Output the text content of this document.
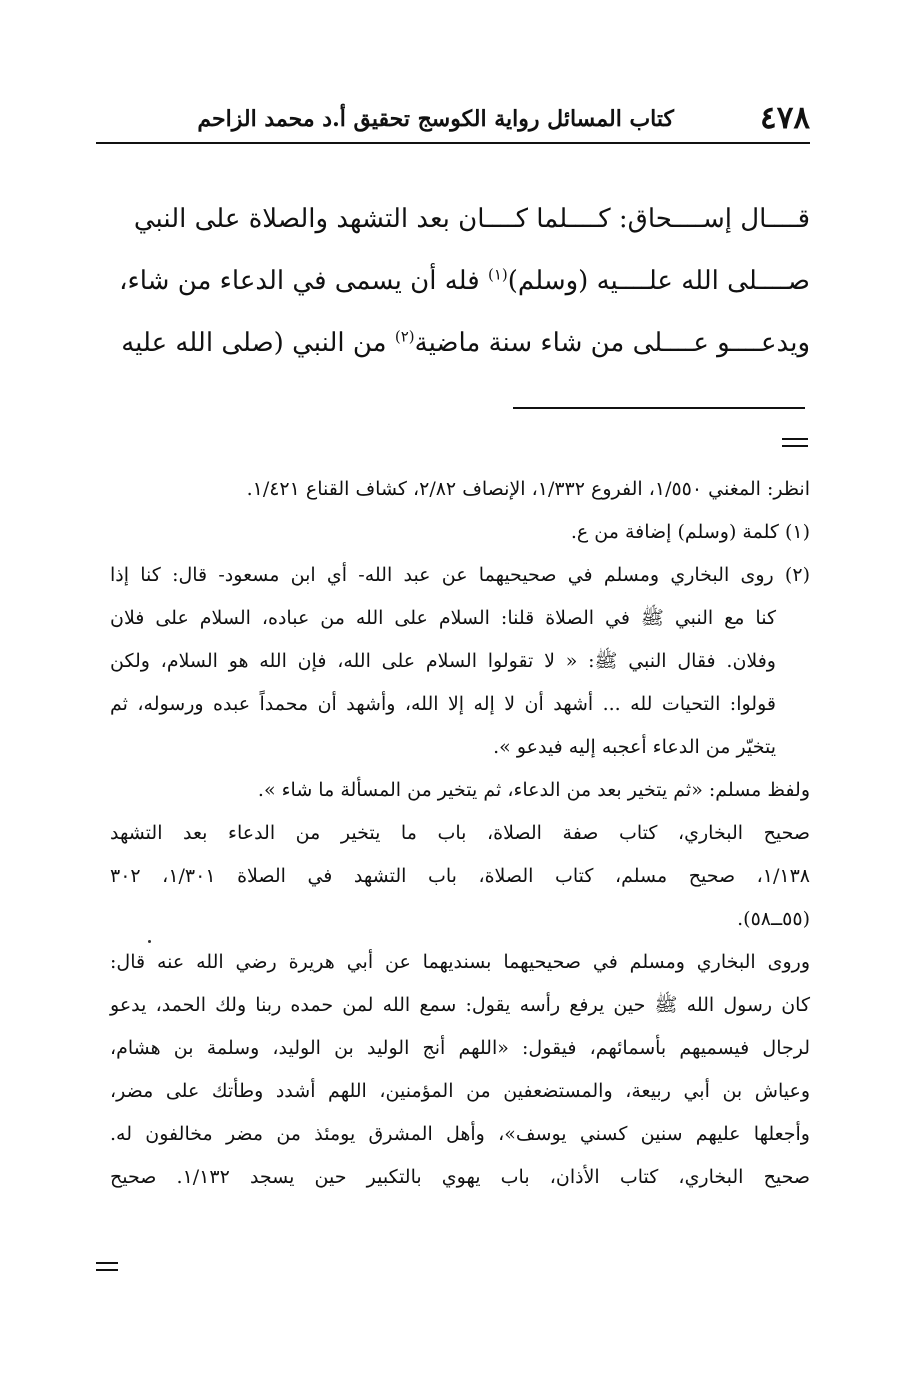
٤٧٨
كتاب المسائل رواية الكوسج تحقيق أ.د محمد الزاحم
قــــال إســــحاق: كــــلما كــــان بعد التشهد والصلاة على النبي
صــــلى الله علــــيه (وسلم)$^{(١)}$ فله أن يسمى في الدعاء من شاء،
ويدعــــو عــــلى من شاء سنة ماضية$^{(٢)}$ من النبي (صلى الله عليه
انظر: المغني ١/٥٥٠، الفروع ١/٣٣٢، الإنصاف ٢/٨٢، كشاف القناع ١/٤٢١.
(١) كلمة (وسلم) إضافة من ع.
(٢) روى البخاري ومسلم في صحيحيهما عن عبد الله- أي ابن مسعود- قال: كنا إذا
كنا مع النبي ﷺ في الصلاة قلنا: السلام على الله من عباده، السلام على فلان
وفلان. فقال النبي ﷺ: « لا تقولوا السلام على الله، فإن الله هو السلام، ولكن
قولوا: التحيات لله ... أشهد أن لا إله إلا الله، وأشهد أن محمداً عبده ورسوله، ثم
يتخيّر من الدعاء أعجبه إليه فيدعو ».
ولفظ مسلم: «ثم يتخير بعد من الدعاء، ثم يتخير من المسألة ما شاء ».
صحيح البخاري، كتاب صفة الصلاة، باب ما يتخير من الدعاء بعد التشهد
١/١٣٨، صحيح مسلم، كتاب الصلاة، باب التشهد في الصلاة ١/٣٠١، ٣٠٢
(٥٥ــ٥٨).
وروى البخاري ومسلم في صحيحيهما بسنديهما عن أبي هريرة رضي الله عنه قال:
كان رسول الله ﷺ حين يرفع رأسه يقول: سمع الله لمن حمده ربنا ولك الحمد، يدعو
لرجال فيسميهم بأسمائهم، فيقول: «اللهم أنج الوليد بن الوليد، وسلمة بن هشام،
وعياش بن أبي ربيعة، والمستضعفين من المؤمنين، اللهم أشدد وطأتك على مضر،
وأجعلها عليهم سنين كسني يوسف»، وأهل المشرق يومئذ من مضر مخالفون له.
صحيح البخاري، كتاب الأذان، باب يهوي بالتكبير حين يسجد ١/١٣٢. صحيح
